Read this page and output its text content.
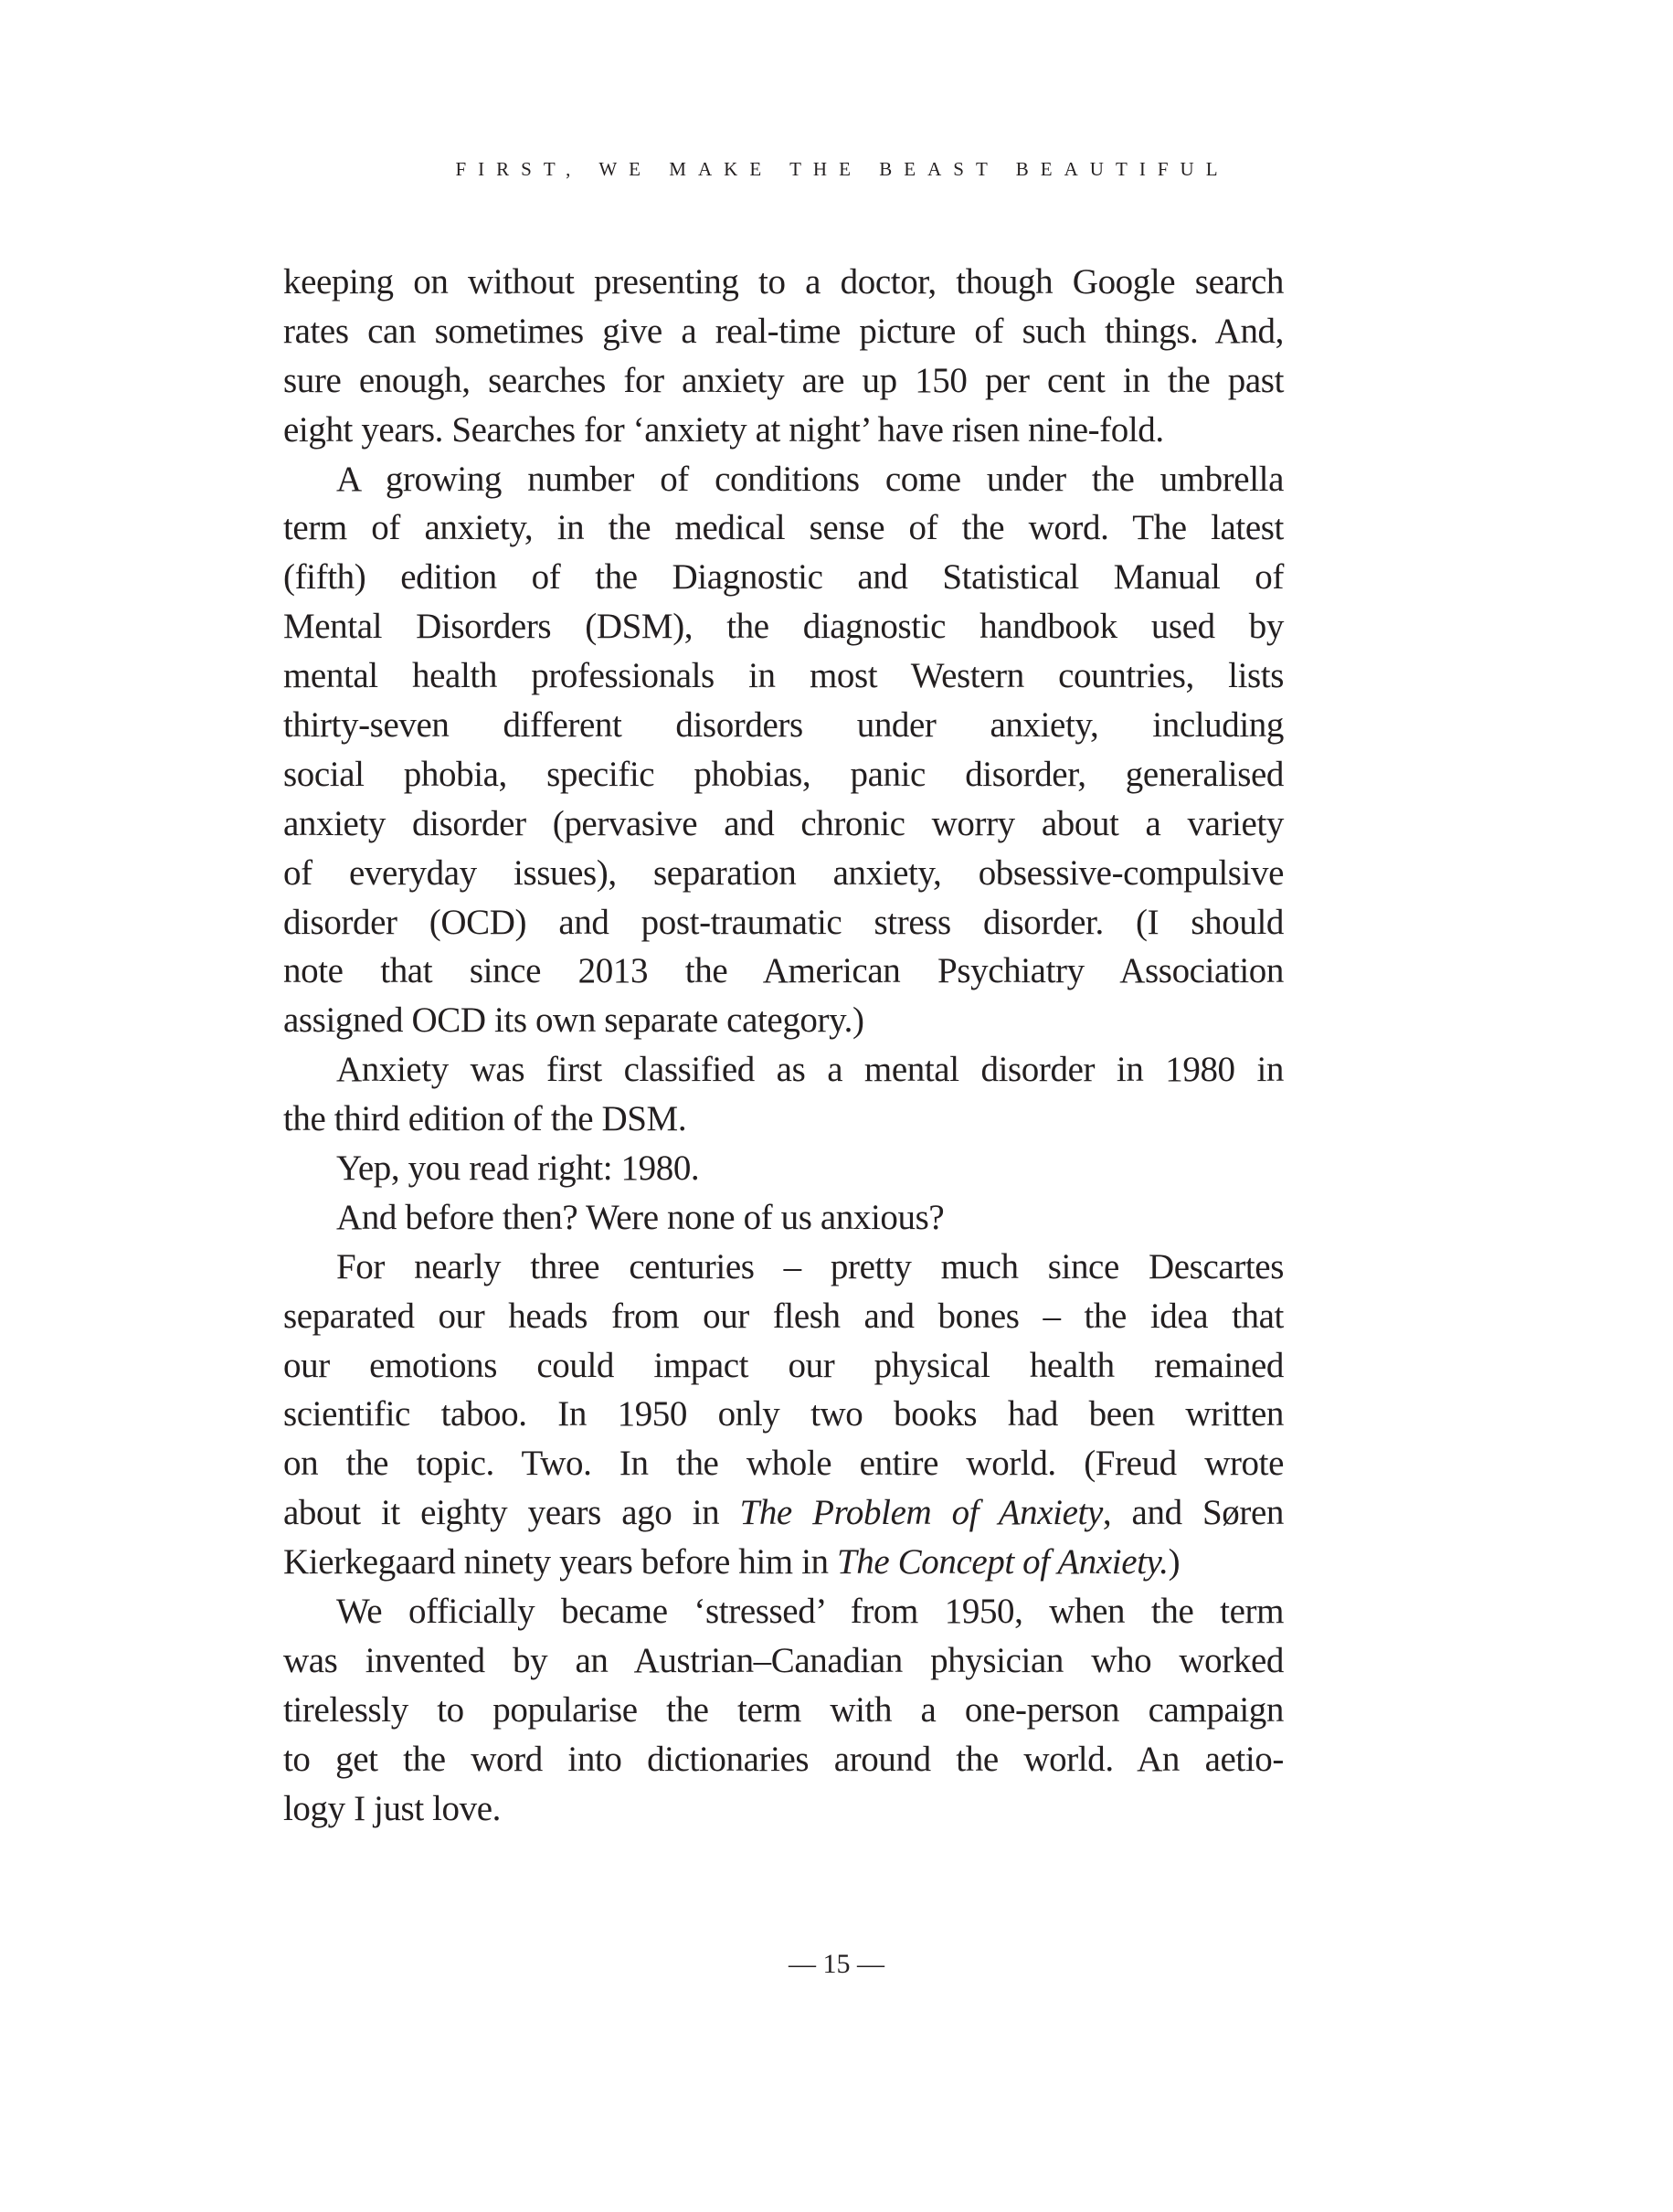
FIRST, WE MAKE THE BEAST BEAUTIFUL
keeping on without presenting to a doctor, though Google search
rates can sometimes give a real-time picture of such things. And,
sure enough, searches for anxiety are up 150 per cent in the past
eight years. Searches for ‘anxiety at night’ have risen nine-fold.
A growing number of conditions come under the umbrella
term of anxiety, in the medical sense of the word. The latest
(fifth) edition of the Diagnostic and Statistical Manual of
Mental Disorders (DSM), the diagnostic handbook used by
mental health professionals in most Western countries, lists
thirty-seven different disorders under anxiety, including
social phobia, specific phobias, panic disorder, generalised
anxiety disorder (pervasive and chronic worry about a variety
of everyday issues), separation anxiety, obsessive-compulsive
disorder (OCD) and post-traumatic stress disorder. (I should
note that since 2013 the American Psychiatry Association
assigned OCD its own separate category.)
Anxiety was first classified as a mental disorder in 1980 in
the third edition of the DSM.
Yep, you read right: 1980.
And before then? Were none of us anxious?
For nearly three centuries – pretty much since Descartes
separated our heads from our flesh and bones – the idea that
our emotions could impact our physical health remained
scientific taboo. In 1950 only two books had been written
on the topic. Two. In the whole entire world. (Freud wrote
about it eighty years ago in The Problem of Anxiety, and Søren
Kierkegaard ninety years before him in The Concept of Anxiety.)
We officially became ‘stressed’ from 1950, when the term
was invented by an Austrian–Canadian physician who worked
tirelessly to popularise the term with a one-person campaign
to get the word into dictionaries around the world. An aetio-
logy I just love.
— 15 —
